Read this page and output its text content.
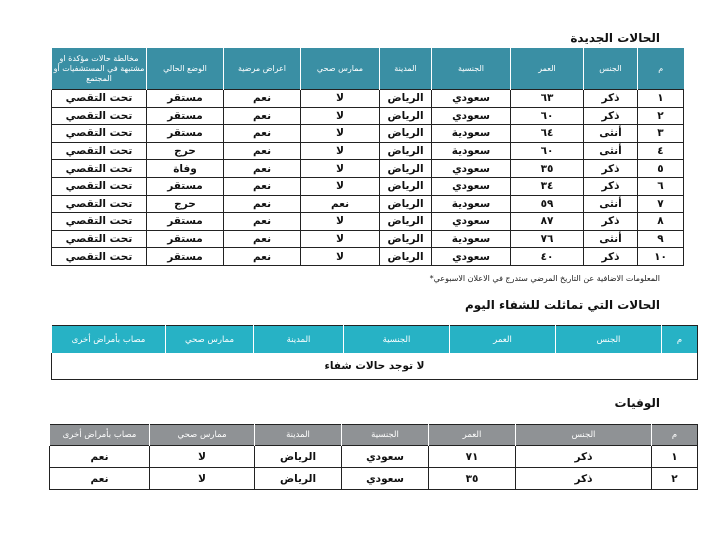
الحالات الجديدة
م	الجنس	العمر	الجنسية	المدينة	ممارس صحي	اعراض مرضية	الوضع الحالي	مخالطة حالات مؤكدة او مشتبهة في المستشفيات أو المجتمع
١	ذكر	٦٣	سعودي	الرياض	لا	نعم	مستقر	تحت التقصي
٢	ذكر	٦٠	سعودي	الرياض	لا	نعم	مستقر	تحت التقصي
٣	أنثى	٦٤	سعودية	الرياض	لا	نعم	مستقر	تحت التقصي
٤	أنثى	٦٠	سعودية	الرياض	لا	نعم	حرج	تحت التقصي
٥	ذكر	٣٥	سعودي	الرياض	لا	نعم	وفاة	تحت التقصي
٦	ذكر	٣٤	سعودي	الرياض	لا	نعم	مستقر	تحت التقصي
٧	أنثى	٥٩	سعودية	الرياض	نعم	نعم	حرج	تحت التقصي
٨	ذكر	٨٧	سعودي	الرياض	لا	نعم	مستقر	تحت التقصي
٩	أنثى	٧٦	سعودية	الرياض	لا	نعم	مستقر	تحت التقصي
١٠	ذكر	٤٠	سعودي	الرياض	لا	نعم	مستقر	تحت التقصي
المعلومات الاضافية عن التاريخ المرضي ستدرج في الاعلان الاسبوعي*
الحالات التي تماثلت للشفاء اليوم
م	الجنس	العمر	الجنسية	المدينة	ممارس صحي	مصاب بأمراض أخرى
لا توجد حالات شفاء
الوفيات
م	الجنس	العمر	الجنسية	المدينة	ممارس صحي	مصاب بأمراض أخرى
١	ذكر	٧١	سعودي	الرياض	لا	نعم
٢	ذكر	٣٥	سعودي	الرياض	لا	نعم
